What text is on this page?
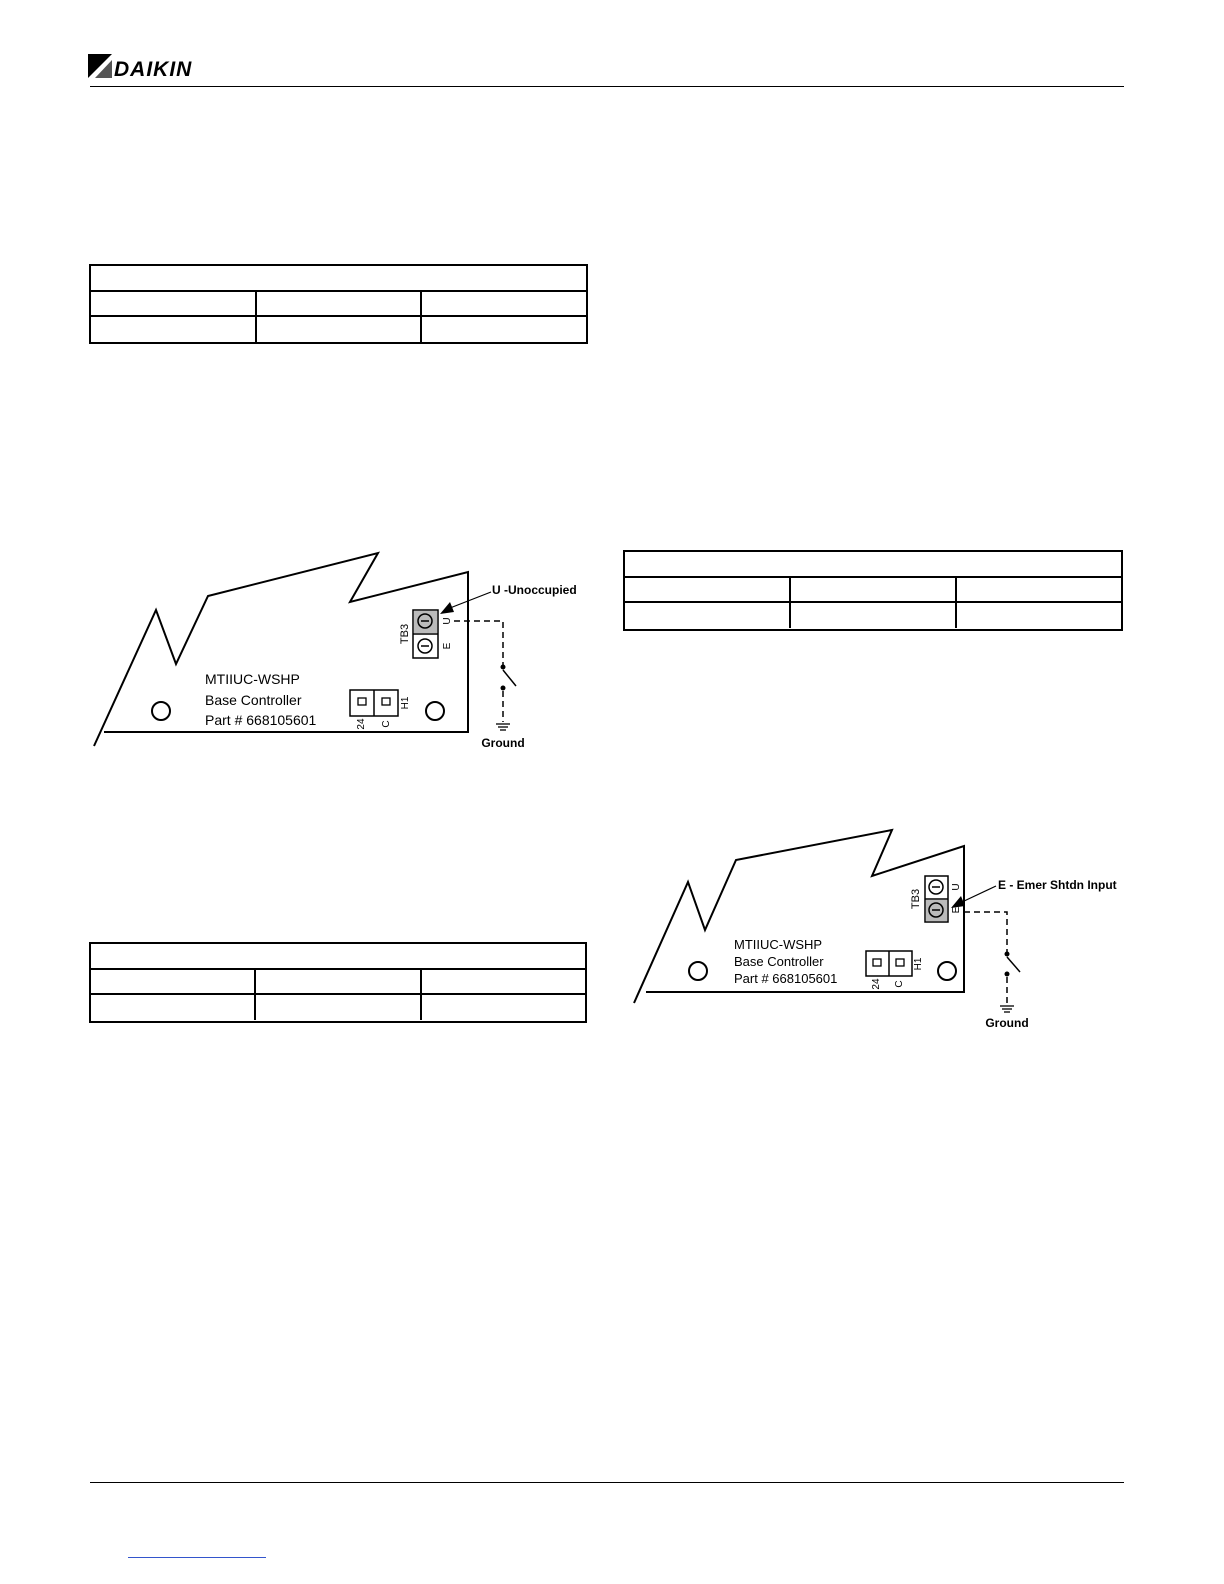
DAIKIN
TB3
U
E
U -Unoccupied
Ground
H1
24 C
MTIIUC-WSHP
Base Controller
Part # 668105601
TB3
U
E
E - Emer Shtdn Input
Ground
H1
24 C
MTIIUC-WSHP
Base Controller
Part # 668105601
